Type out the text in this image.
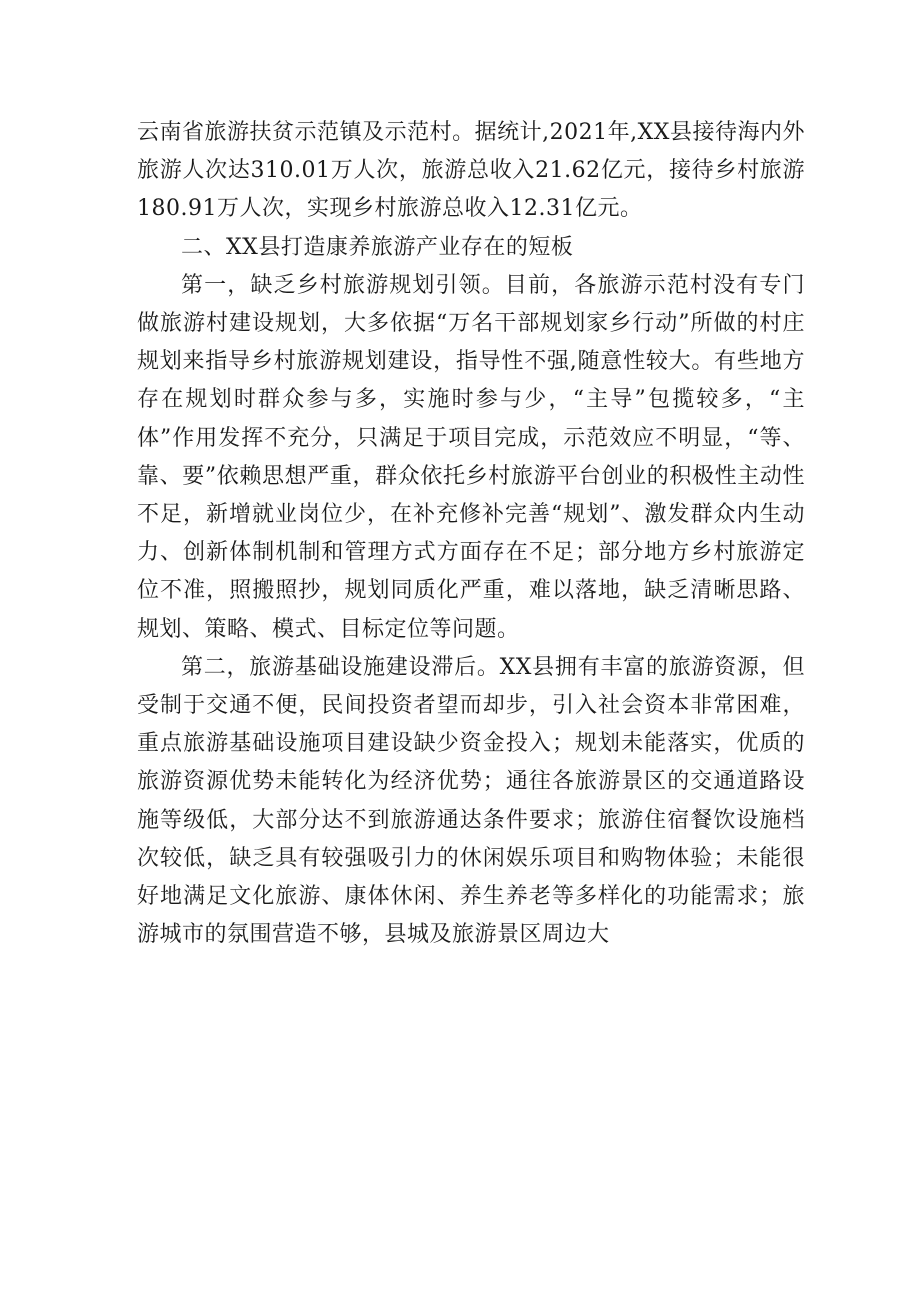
云南省旅游扶贫示范镇及示范村。据统计,2021年,XX县接待海内外旅游人次达310.01万人次，旅游总收入21.62亿元，接待乡村旅游180.91万人次，实现乡村旅游总收入12.31亿元。

二、XX县打造康养旅游产业存在的短板

第一，缺乏乡村旅游规划引领。目前，各旅游示范村没有专门做旅游村建设规划，大多依据“万名干部规划家乡行动”所做的村庄规划来指导乡村旅游规划建设，指导性不强,随意性较大。有些地方存在规划时群众参与多，实施时参与少，“主导”包揽较多，“主体”作用发挥不充分，只满足于项目完成，示范效应不明显，“等、靠、要”依赖思想严重，群众依托乡村旅游平台创业的积极性主动性不足，新增就业岗位少，在补充修补完善“规划”、激发群众内生动力、创新体制机制和管理方式方面存在不足；部分地方乡村旅游定位不准，照搬照抄，规划同质化严重，难以落地，缺乏清晰思路、规划、策略、模式、目标定位等问题。

第二，旅游基础设施建设滞后。XX县拥有丰富的旅游资源，但受制于交通不便，民间投资者望而却步，引入社会资本非常困难，重点旅游基础设施项目建设缺少资金投入；规划未能落实，优质的旅游资源优势未能转化为经济优势；通往各旅游景区的交通道路设施等级低，大部分达不到旅游通达条件要求；旅游住宿餐饮设施档次较低，缺乏具有较强吸引力的休闲娱乐项目和购物体验；未能很好地满足文化旅游、康体休闲、养生养老等多样化的功能需求；旅游城市的氛围营造不够，县城及旅游景区周边大
